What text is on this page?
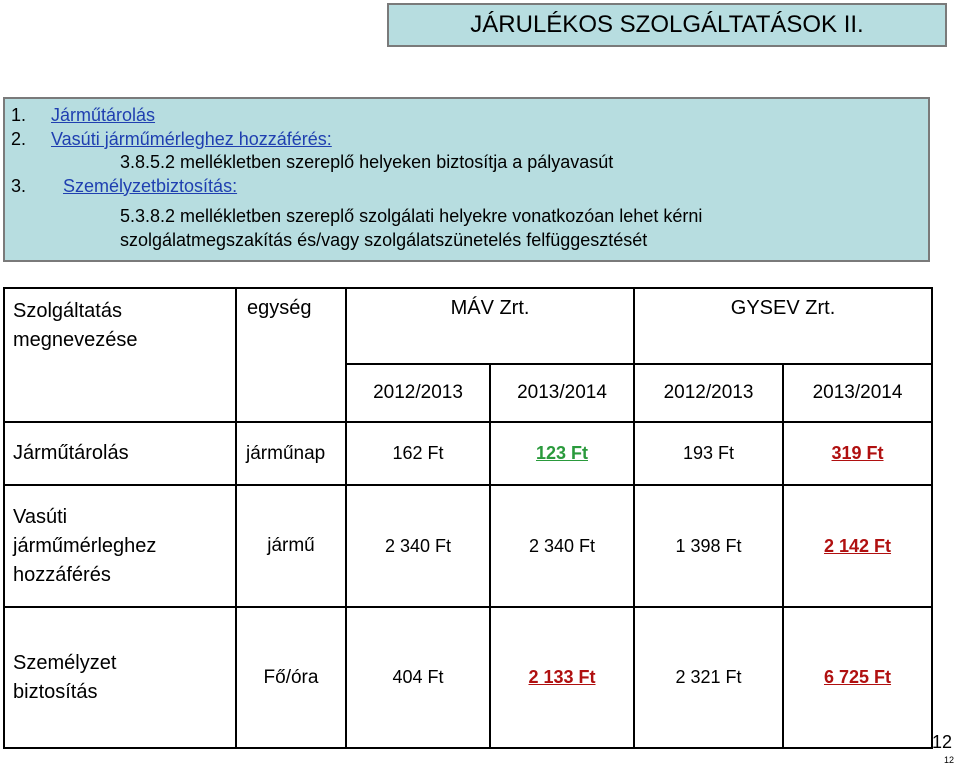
JÁRULÉKOS SZOLGÁLTATÁSOK II.
1. Járműtárolás
2. Vasúti járműmérleghez hozzáférés:
3.8.5.2 mellékletben szereplő helyeken biztosítja a pályavasút
3. Személyzetbiztosítás:
5.3.8.2 mellékletben szereplő szolgálati helyekre vonatkozóan lehet kérni
szolgálatmegszakítás és/vagy szolgálatszünetelés felfüggesztését
Szolgáltatás
megnevezése	egység	MÁV Zrt.		GYSEV Zrt.	
		2012/2013	2013/2014	2012/2013	2013/2014
Járműtárolás	járműnap	162 Ft	123 Ft	193 Ft	319 Ft
Vasúti
járműmérleghez
hozzáférés	jármű	2 340 Ft	2 340 Ft	1 398 Ft	2 142 Ft
Személyzet
biztosítás	Fő/óra	404 Ft	2 133 Ft	2 321 Ft	6 725 Ft
12
12
